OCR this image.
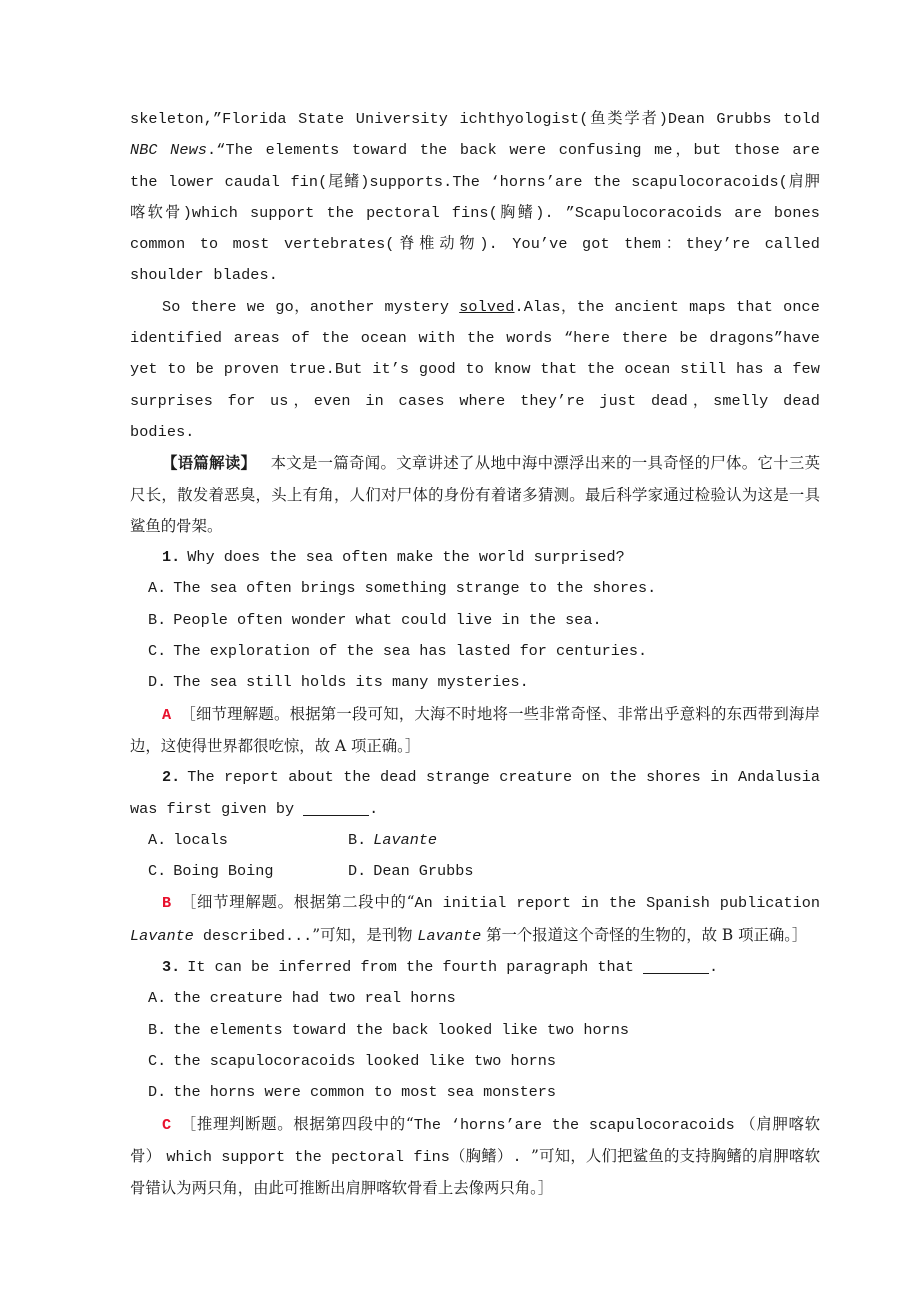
skeleton,”Florida State University ichthyologist(鱼类学者)Dean Grubbs told NBC News.“The elements toward the back were confusing me，but those are the lower caudal fin(尾鳍)supports.The ‘horns’are the scapulocoracoids(肩胛喀软骨)which support the pectoral fins(胸鳍). ”Scapulocoracoids are bones common to most vertebrates(脊椎动物). You’ve got them：they’re called shoulder blades.

So there we go，another mystery solved.Alas，the ancient maps that once identified areas of the ocean with the words “here there be dragons”have yet to be proven true.But it’s good to know that the ocean still has a few surprises for us，even in cases where they’re just dead，smelly dead bodies.

【语篇解读】 本文是一篇奇闻。文章讲述了从地中海中漂浮出来的一具奇怪的尸体。它十三英尺长，散发着恶臭，头上有角，人们对尸体的身份有着诸多猜测。最后科学家通过检验认为这是一具鲨鱼的骨架。

1. Why does the sea often make the world surprised?

A. The sea often brings something strange to the shores.

B. People often wonder what could live in the sea.

C. The exploration of the sea has lasted for centuries.

D. The sea still holds its many mysteries.

A ［细节理解题。根据第一段可知，大海不时地将一些非常奇怪、非常出乎意料的东西带到海岸边，这使得世界都很吃惊，故 A 项正确。］

2. The report about the dead strange creature on the shores in Andalusia was first given by	.

A. locals	B. Lavante
C. Boing Boing	D. Dean Grubbs

B ［细节理解题。根据第二段中的“An initial report in the Spanish publication Lavante described...”可知，是刊物 Lavante 第一个报道这个奇怪的生物的，故 B 项正确。］

3. It can be inferred from the fourth paragraph that	.

A. the creature had two real horns

B. the elements toward the back looked like two horns

C. the scapulocoracoids looked like two horns

D. the horns were common to most sea monsters

C ［推理判断题。根据第四段中的“The ‘horns’are the scapulocoracoids （肩胛喀软骨） which support the pectoral fins（胸鳍）. ”可知，人们把鲨鱼的支持胸鳍的肩胛喀软骨错认为两只角，由此可推断出肩胛喀软骨看上去像两只角。］
